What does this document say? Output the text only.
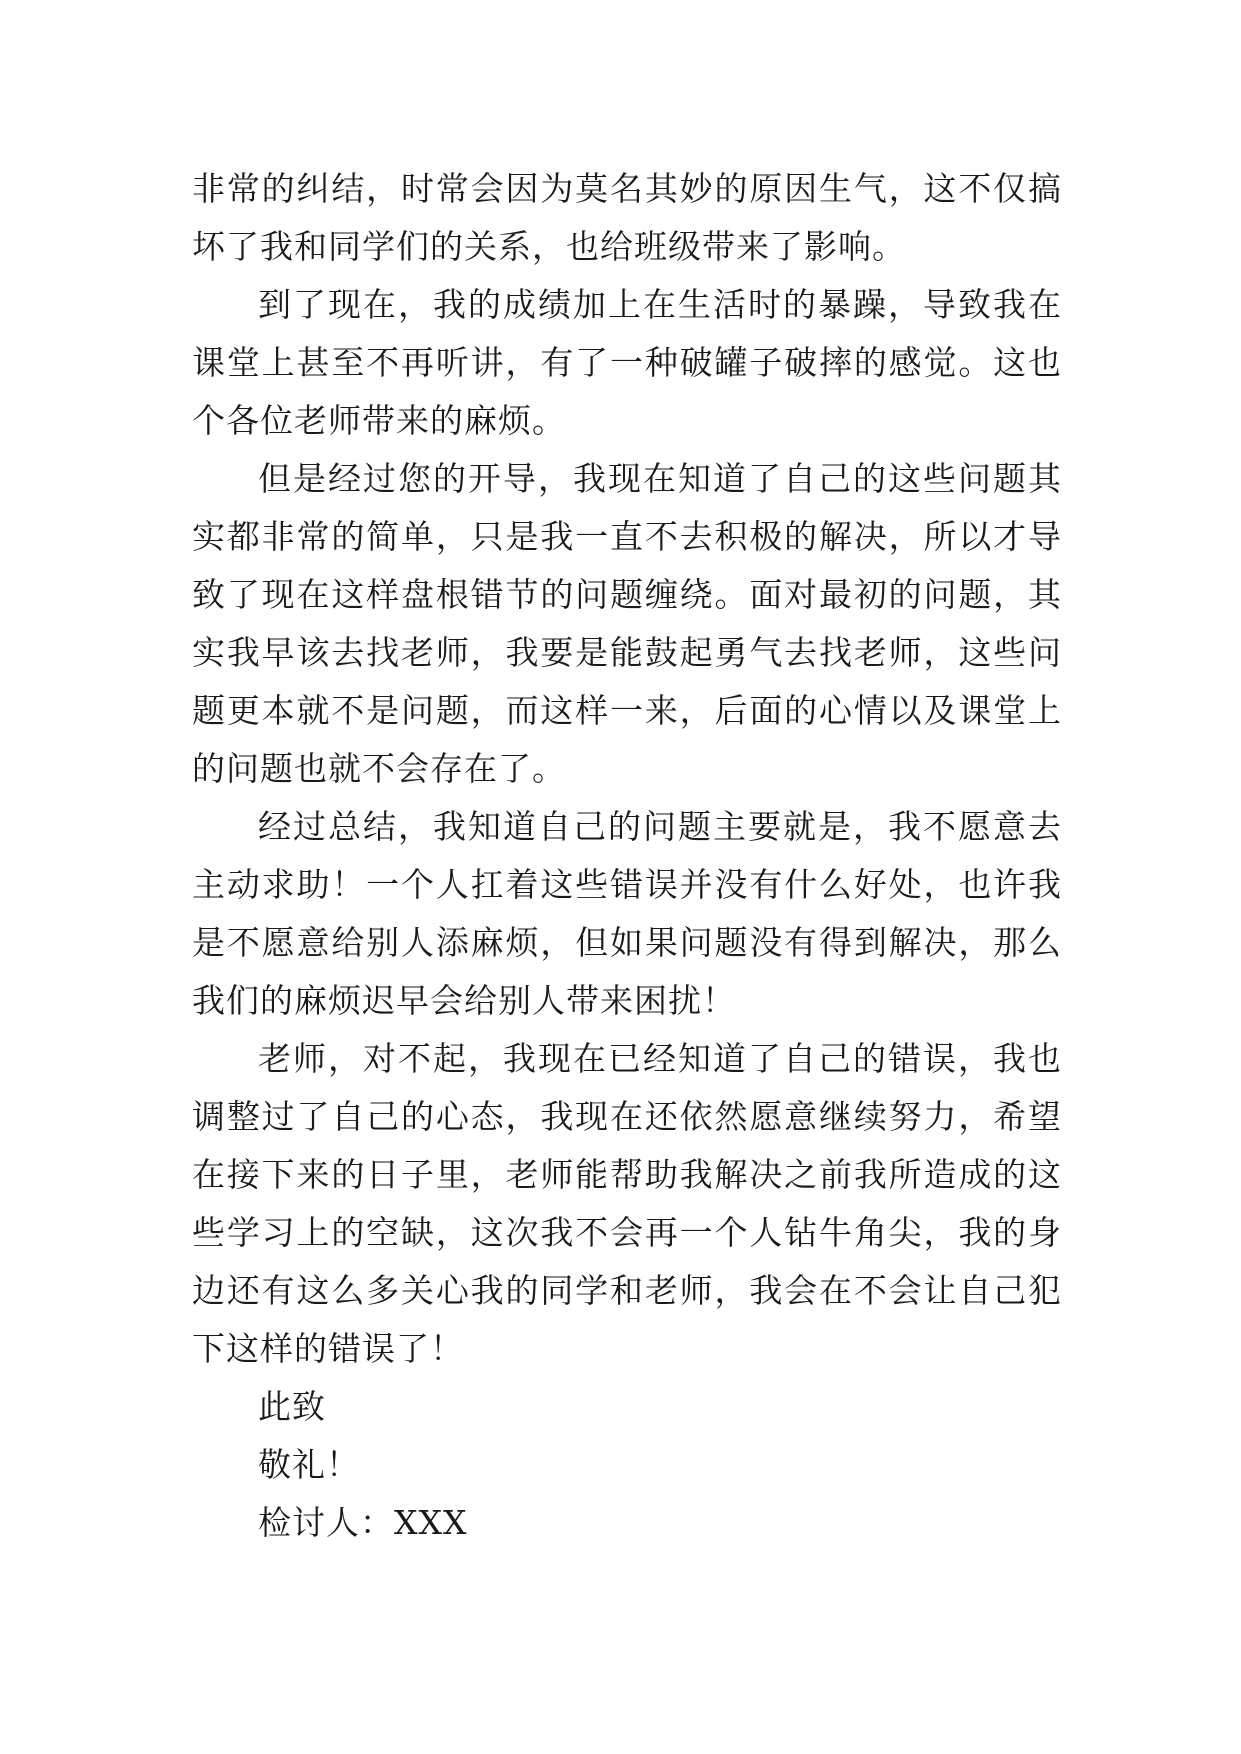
非常的纠结，时常会因为莫名其妙的原因生气，这不仅搞坏了我和同学们的关系，也给班级带来了影响。

到了现在，我的成绩加上在生活时的暴躁，导致我在课堂上甚至不再听讲，有了一种破罐子破摔的感觉。这也个各位老师带来的麻烦。

但是经过您的开导，我现在知道了自己的这些问题其实都非常的简单，只是我一直不去积极的解决，所以才导致了现在这样盘根错节的问题缠绕。面对最初的问题，其实我早该去找老师，我要是能鼓起勇气去找老师，这些问题更本就不是问题，而这样一来，后面的心情以及课堂上的问题也就不会存在了。

经过总结，我知道自己的问题主要就是，我不愿意去主动求助！一个人扛着这些错误并没有什么好处，也许我是不愿意给别人添麻烦，但如果问题没有得到解决，那么我们的麻烦迟早会给别人带来困扰！

老师，对不起，我现在已经知道了自己的错误，我也调整过了自己的心态，我现在还依然愿意继续努力，希望在接下来的日子里，老师能帮助我解决之前我所造成的这些学习上的空缺，这次我不会再一个人钻牛角尖，我的身边还有这么多关心我的同学和老师，我会在不会让自己犯下这样的错误了！

此致

敬礼！

检讨人：XXX
